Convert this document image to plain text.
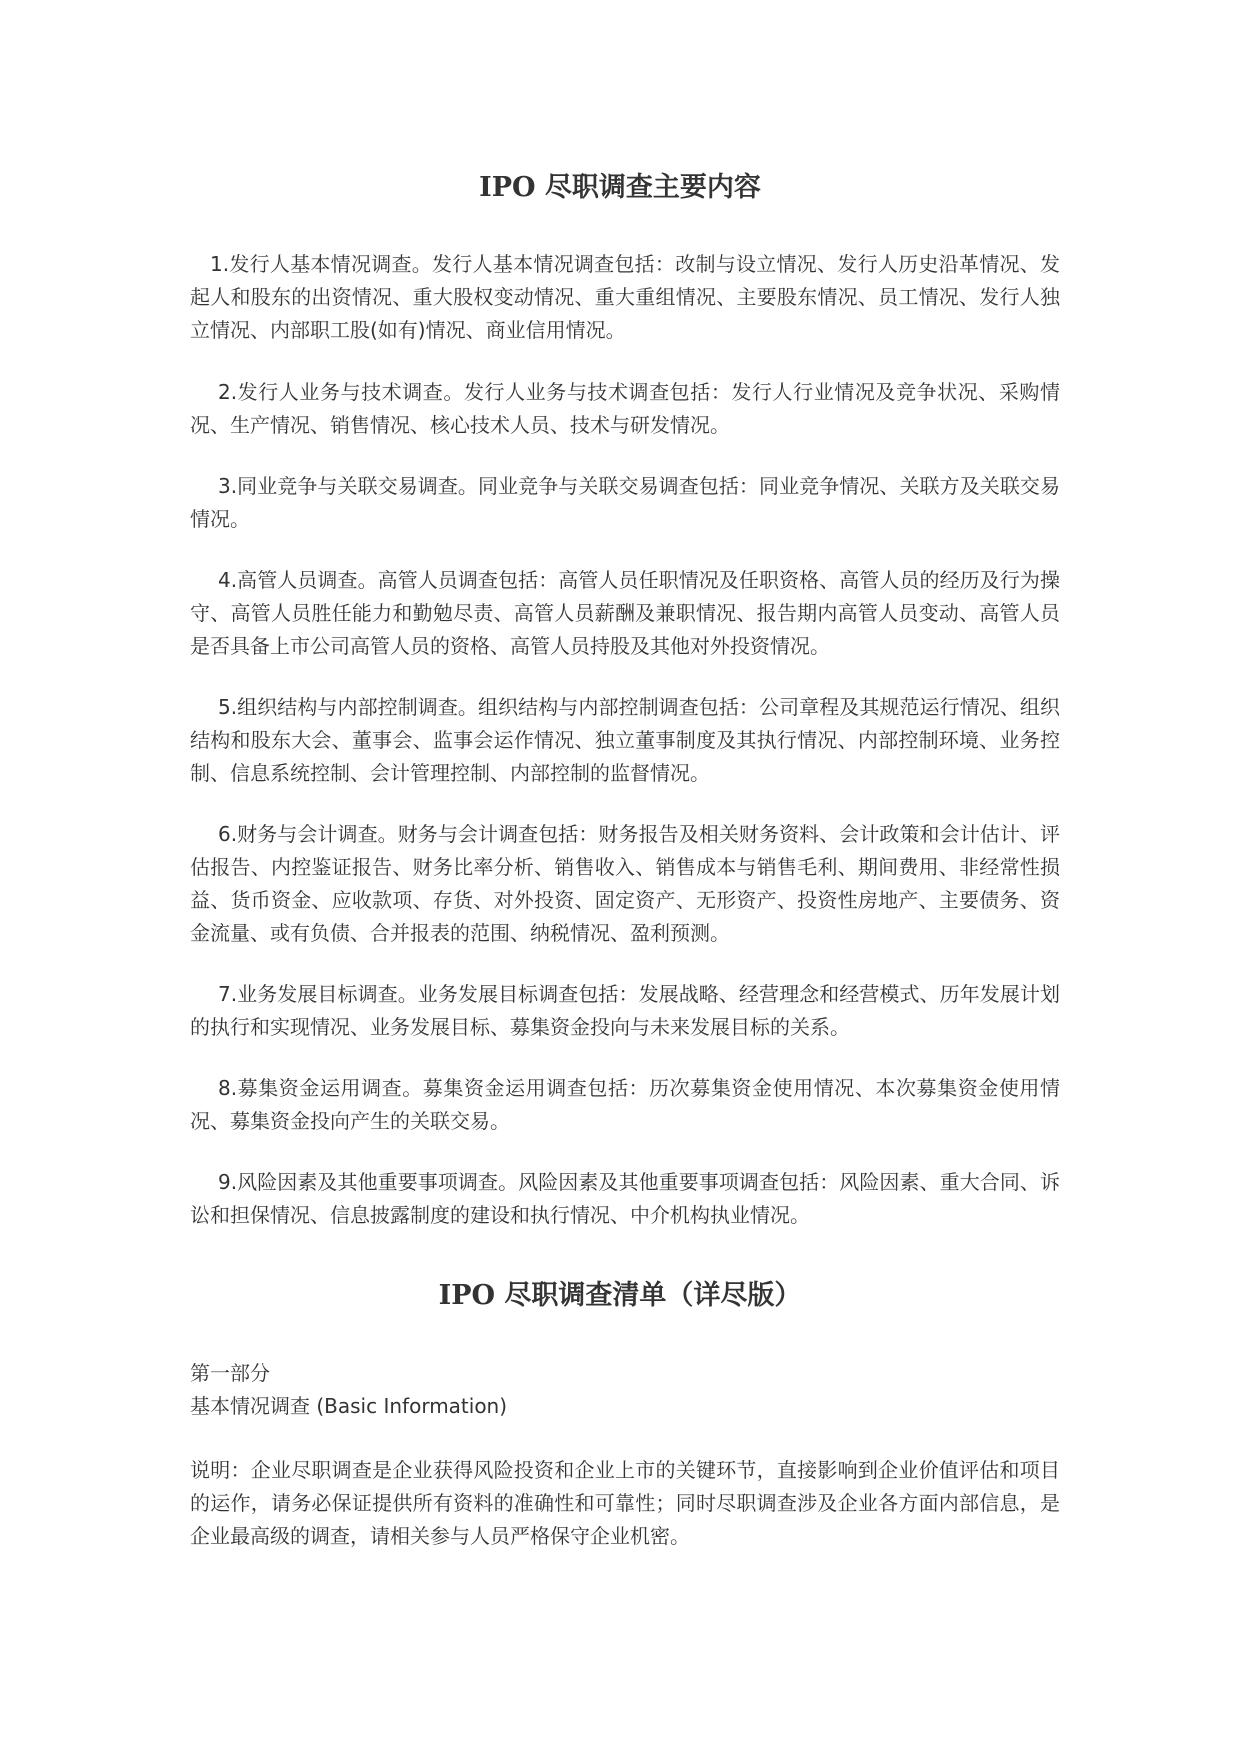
IPO 尽职调查主要内容

1.发行人基本情况调查。发行人基本情况调查包括：改制与设立情况、发行人历史沿革情况、发起人和股东的出资情况、重大股权变动情况、重大重组情况、主要股东情况、员工情况、发行人独立情况、内部职工股(如有)情况、商业信用情况。

2.发行人业务与技术调查。发行人业务与技术调查包括：发行人行业情况及竞争状况、采购情况、生产情况、销售情况、核心技术人员、技术与研发情况。

3.同业竞争与关联交易调查。同业竞争与关联交易调查包括：同业竞争情况、关联方及关联交易情况。

4.高管人员调查。高管人员调查包括：高管人员任职情况及任职资格、高管人员的经历及行为操守、高管人员胜任能力和勤勉尽责、高管人员薪酬及兼职情况、报告期内高管人员变动、高管人员是否具备上市公司高管人员的资格、高管人员持股及其他对外投资情况。

5.组织结构与内部控制调查。组织结构与内部控制调查包括：公司章程及其规范运行情况、组织结构和股东大会、董事会、监事会运作情况、独立董事制度及其执行情况、内部控制环境、业务控制、信息系统控制、会计管理控制、内部控制的监督情况。

6.财务与会计调查。财务与会计调查包括：财务报告及相关财务资料、会计政策和会计估计、评估报告、内控鉴证报告、财务比率分析、销售收入、销售成本与销售毛利、期间费用、非经常性损益、货币资金、应收款项、存货、对外投资、固定资产、无形资产、投资性房地产、主要债务、资金流量、或有负债、合并报表的范围、纳税情况、盈利预测。

7.业务发展目标调查。业务发展目标调查包括：发展战略、经营理念和经营模式、历年发展计划的执行和实现情况、业务发展目标、募集资金投向与未来发展目标的关系。

8.募集资金运用调查。募集资金运用调查包括：历次募集资金使用情况、本次募集资金使用情况、募集资金投向产生的关联交易。

9.风险因素及其他重要事项调查。风险因素及其他重要事项调查包括：风险因素、重大合同、诉讼和担保情况、信息披露制度的建设和执行情况、中介机构执业情况。

IPO 尽职调查清单（详尽版）

第一部分

基本情况调查 (Basic Information)

说明：企业尽职调查是企业获得风险投资和企业上市的关键环节，直接影响到企业价值评估和项目的运作，请务必保证提供所有资料的准确性和可靠性；同时尽职调查涉及企业各方面内部信息，是企业最高级的调查，请相关参与人员严格保守企业机密。
